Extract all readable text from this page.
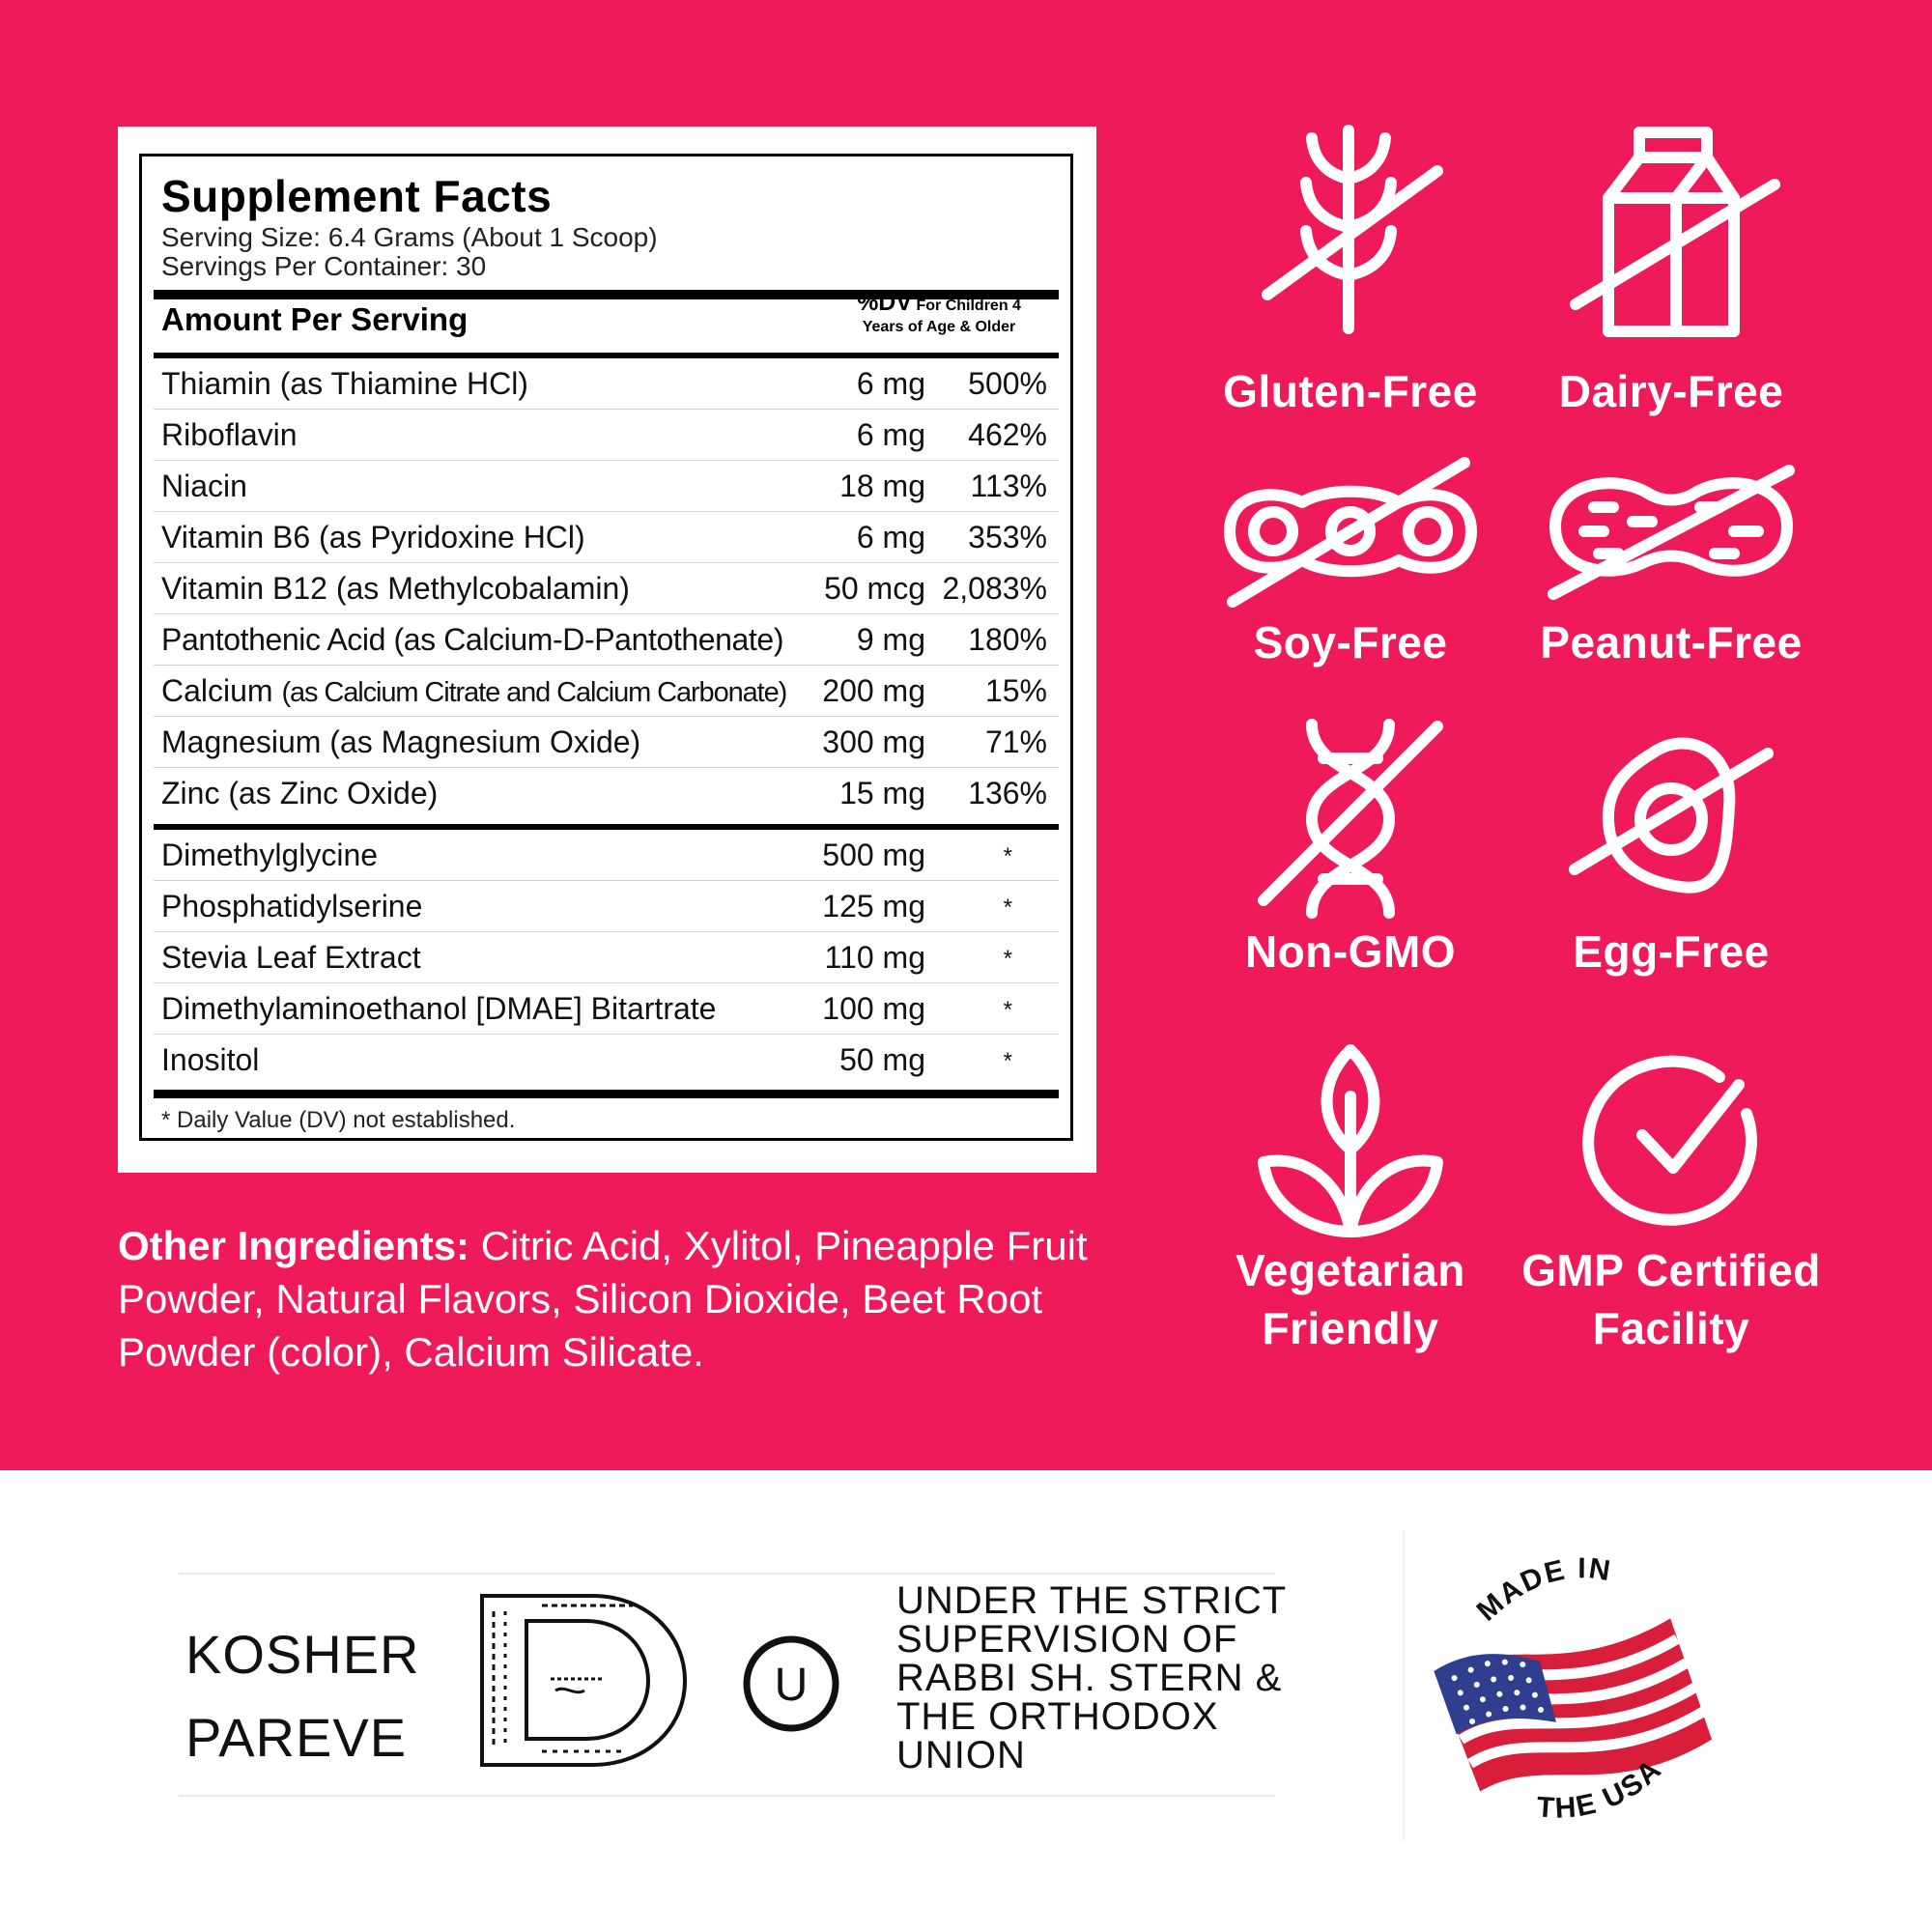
Supplement Facts
Serving Size: 6.4 Grams (About 1 Scoop)
Servings Per Container: 30
Amount Per Serving	%DV For Children 4
Years of Age & Older
Thiamin (as Thiamine HCl)	6 mg 500%
Riboflavin	6 mg 462%
Niacin	18 mg 113%
Vitamin B6 (as Pyridoxine HCl)	6 mg 353%
Vitamin B12 (as Methylcobalamin)	50 mcg 2,083%
Pantothenic Acid (as Calcium-D-Pantothenate) 9 mg 180%
Calcium (as Calcium Citrate and Calcium Carbonate) 200 mg 15%
Magnesium (as Magnesium Oxide)	300 mg 71%
Zinc (as Zinc Oxide)	15 mg 136%
Dimethylglycine	500 mg	*
Phosphatidylserine	125 mg	*
Stevia Leaf Extract	110 mg	*
Dimethylaminoethanol [DMAE] Bitartrate	100 mg	*
Inositol	50 mg	*
* Daily Value (DV) not established.
Other Ingredients: Citric Acid, Xylitol, Pineapple Fruit Powder, Natural Flavors, Silicon Dioxide, Beet Root Powder (color), Calcium Silicate.
Gluten-Free	Dairy-Free
Soy-Free	Peanut-Free
Non-GMO	Egg-Free
Vegetarian
Friendly
GMP Certified
Facility
KOSHER
PAREVE
U
UNDER THE STRICT
SUPERVISION OF
RABBI SH. STERN &
THE ORTHODOX
UNION
MADE IN
THE USA
